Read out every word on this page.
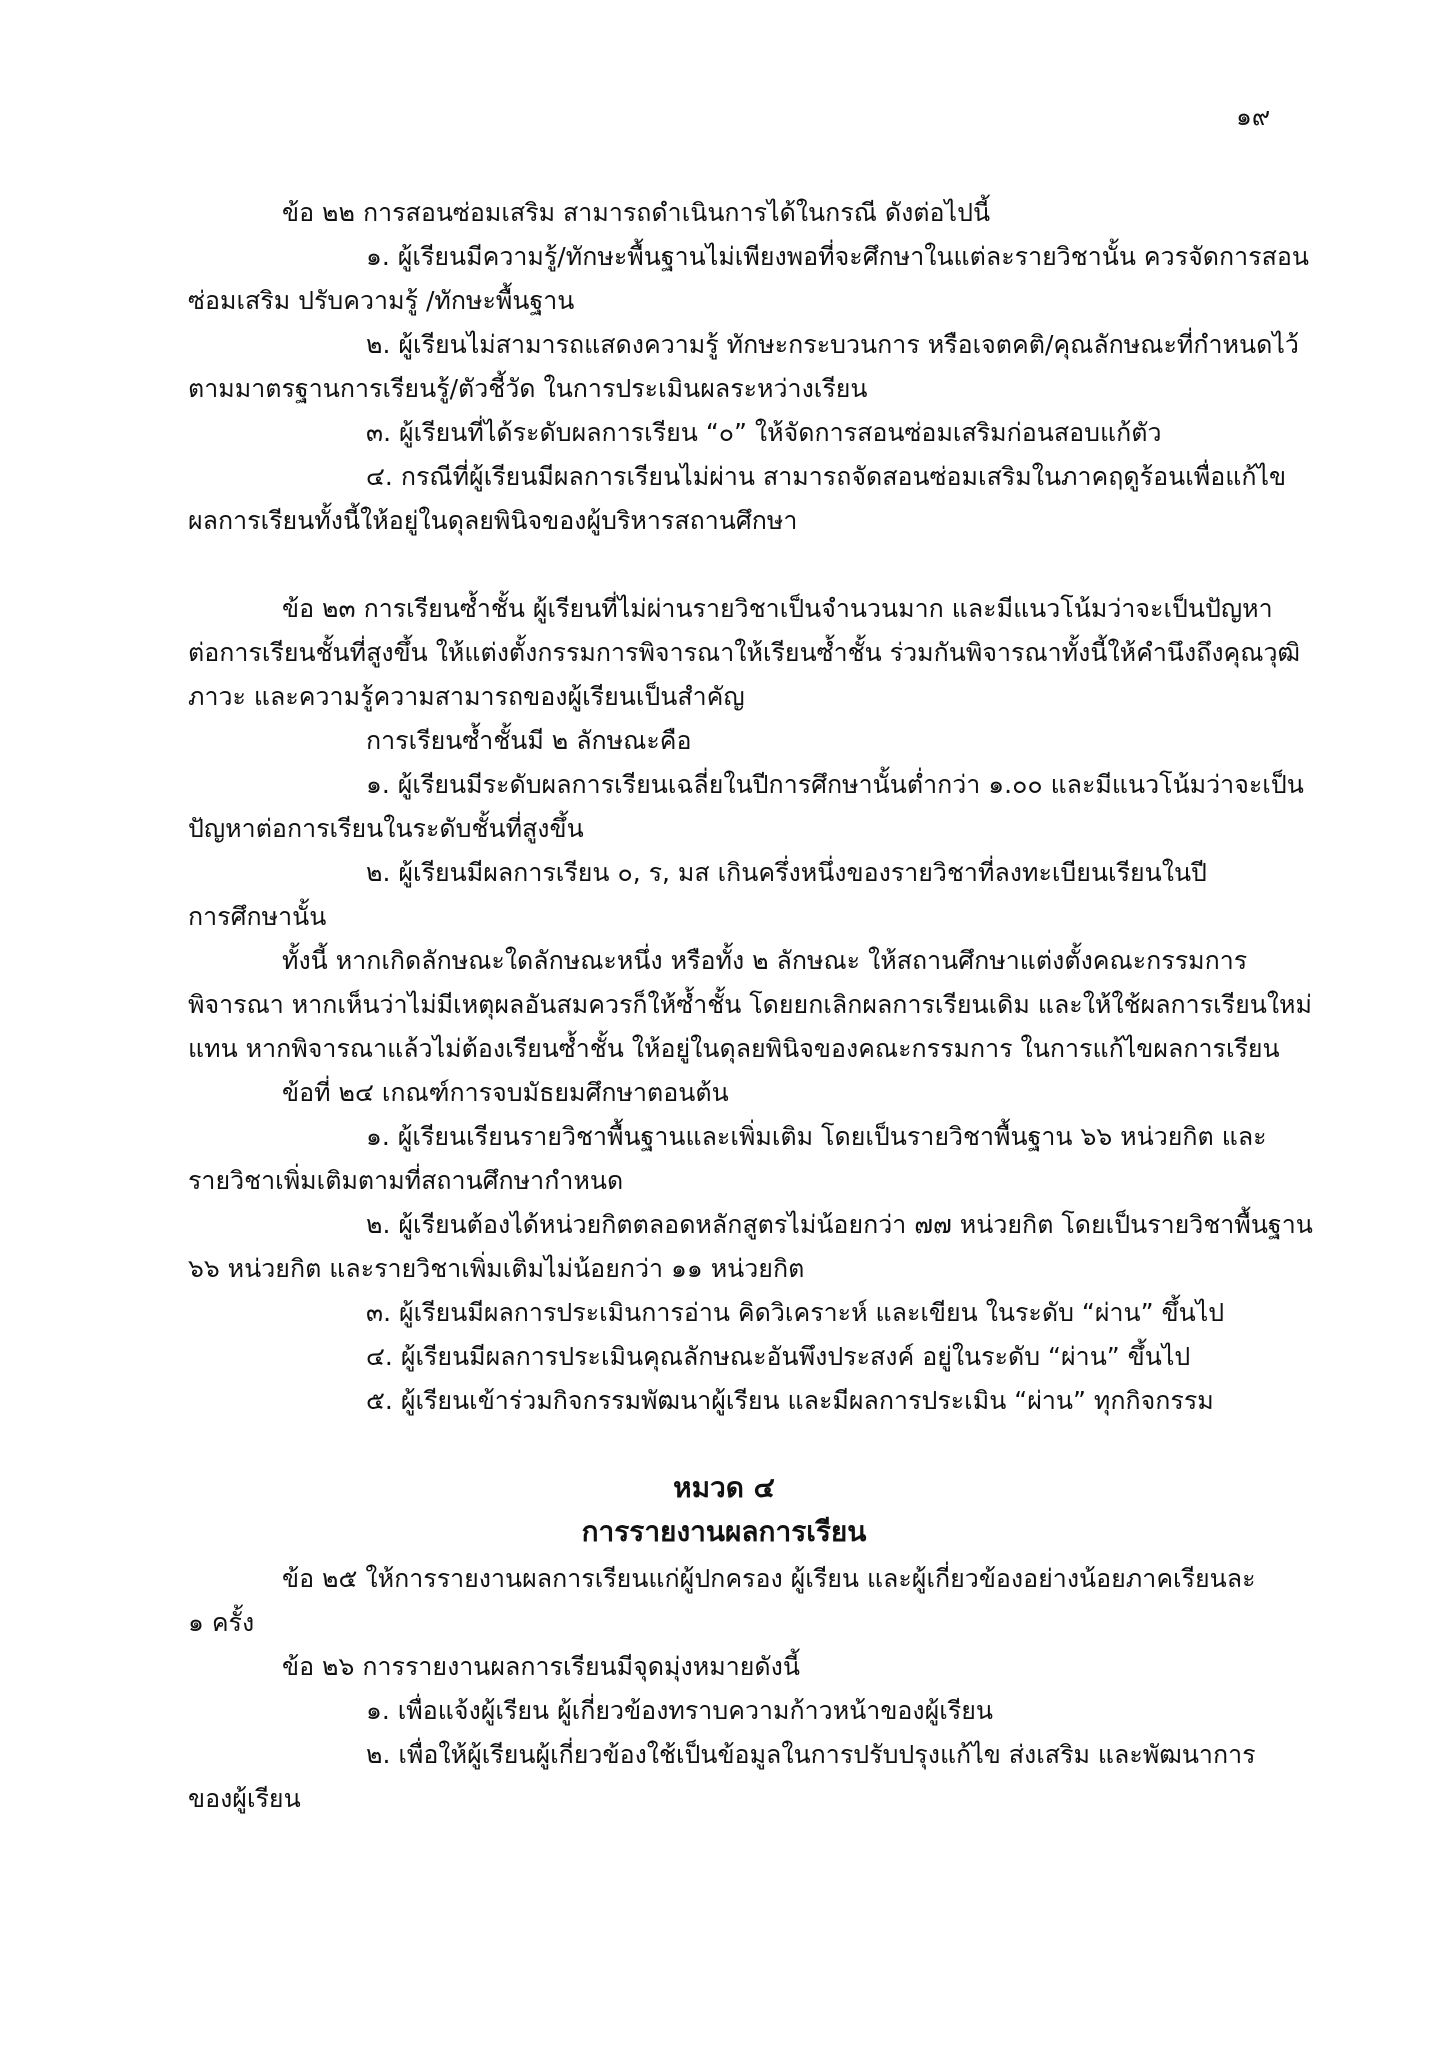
๑๙
ข้อ ๒๒ การสอนซ่อมเสริม สามารถดำเนินการได้ในกรณี ดังต่อไปนี้
๑. ผู้เรียนมีความรู้/ทักษะพื้นฐานไม่เพียงพอที่จะศึกษาในแต่ละรายวิชานั้น ควรจัดการสอน
ซ่อมเสริม ปรับความรู้ /ทักษะพื้นฐาน
๒. ผู้เรียนไม่สามารถแสดงความรู้ ทักษะกระบวนการ หรือเจตคติ/คุณลักษณะที่กำหนดไว้
ตามมาตรฐานการเรียนรู้/ตัวชี้วัด ในการประเมินผลระหว่างเรียน
๓. ผู้เรียนที่ได้ระดับผลการเรียน “๐” ให้จัดการสอนซ่อมเสริมก่อนสอบแก้ตัว
๔. กรณีที่ผู้เรียนมีผลการเรียนไม่ผ่าน สามารถจัดสอนซ่อมเสริมในภาคฤดูร้อนเพื่อแก้ไข
ผลการเรียนทั้งนี้ให้อยู่ในดุลยพินิจของผู้บริหารสถานศึกษา
ข้อ ๒๓ การเรียนซ้ำชั้น ผู้เรียนที่ไม่ผ่านรายวิชาเป็นจำนวนมาก และมีแนวโน้มว่าจะเป็นปัญหา
ต่อการเรียนชั้นที่สูงขึ้น ให้แต่งตั้งกรรมการพิจารณาให้เรียนซ้ำชั้น ร่วมกันพิจารณาทั้งนี้ให้คำนึงถึงคุณวุฒิ
ภาวะ และความรู้ความสามารถของผู้เรียนเป็นสำคัญ
การเรียนซ้ำชั้นมี ๒ ลักษณะคือ
๑. ผู้เรียนมีระดับผลการเรียนเฉลี่ยในปีการศึกษานั้นต่ำกว่า ๑.๐๐ และมีแนวโน้มว่าจะเป็น
ปัญหาต่อการเรียนในระดับชั้นที่สูงขึ้น
๒. ผู้เรียนมีผลการเรียน ๐, ร, มส เกินครึ่งหนึ่งของรายวิชาที่ลงทะเบียนเรียนในปี
การศึกษานั้น
ทั้งนี้ หากเกิดลักษณะใดลักษณะหนึ่ง หรือทั้ง ๒ ลักษณะ ให้สถานศึกษาแต่งตั้งคณะกรรมการ
พิจารณา หากเห็นว่าไม่มีเหตุผลอันสมควรก็ให้ซ้ำชั้น โดยยกเลิกผลการเรียนเดิม และให้ใช้ผลการเรียนใหม่
แทน หากพิจารณาแล้วไม่ต้องเรียนซ้ำชั้น ให้อยู่ในดุลยพินิจของคณะกรรมการ ในการแก้ไขผลการเรียน
ข้อที่ ๒๔ เกณฑ์การจบมัธยมศึกษาตอนต้น
๑. ผู้เรียนเรียนรายวิชาพื้นฐานและเพิ่มเติม โดยเป็นรายวิชาพื้นฐาน ๖๖ หน่วยกิต และ
รายวิชาเพิ่มเติมตามที่สถานศึกษากำหนด
๒. ผู้เรียนต้องได้หน่วยกิตตลอดหลักสูตรไม่น้อยกว่า ๗๗ หน่วยกิต โดยเป็นรายวิชาพื้นฐาน
๖๖ หน่วยกิต และรายวิชาเพิ่มเติมไม่น้อยกว่า ๑๑ หน่วยกิต
๓. ผู้เรียนมีผลการประเมินการอ่าน คิดวิเคราะห์ และเขียน ในระดับ “ผ่าน” ขึ้นไป
๔. ผู้เรียนมีผลการประเมินคุณลักษณะอันพึงประสงค์ อยู่ในระดับ “ผ่าน” ขึ้นไป
๕. ผู้เรียนเข้าร่วมกิจกรรมพัฒนาผู้เรียน และมีผลการประเมิน “ผ่าน” ทุกกิจกรรม
หมวด ๔
การรายงานผลการเรียน
ข้อ ๒๕ ให้การรายงานผลการเรียนแก่ผู้ปกครอง ผู้เรียน และผู้เกี่ยวข้องอย่างน้อยภาคเรียนละ
๑ ครั้ง
ข้อ ๒๖ การรายงานผลการเรียนมีจุดมุ่งหมายดังนี้
๑. เพื่อแจ้งผู้เรียน ผู้เกี่ยวข้องทราบความก้าวหน้าของผู้เรียน
๒. เพื่อให้ผู้เรียนผู้เกี่ยวข้องใช้เป็นข้อมูลในการปรับปรุงแก้ไข ส่งเสริม และพัฒนาการ
ของผู้เรียน
